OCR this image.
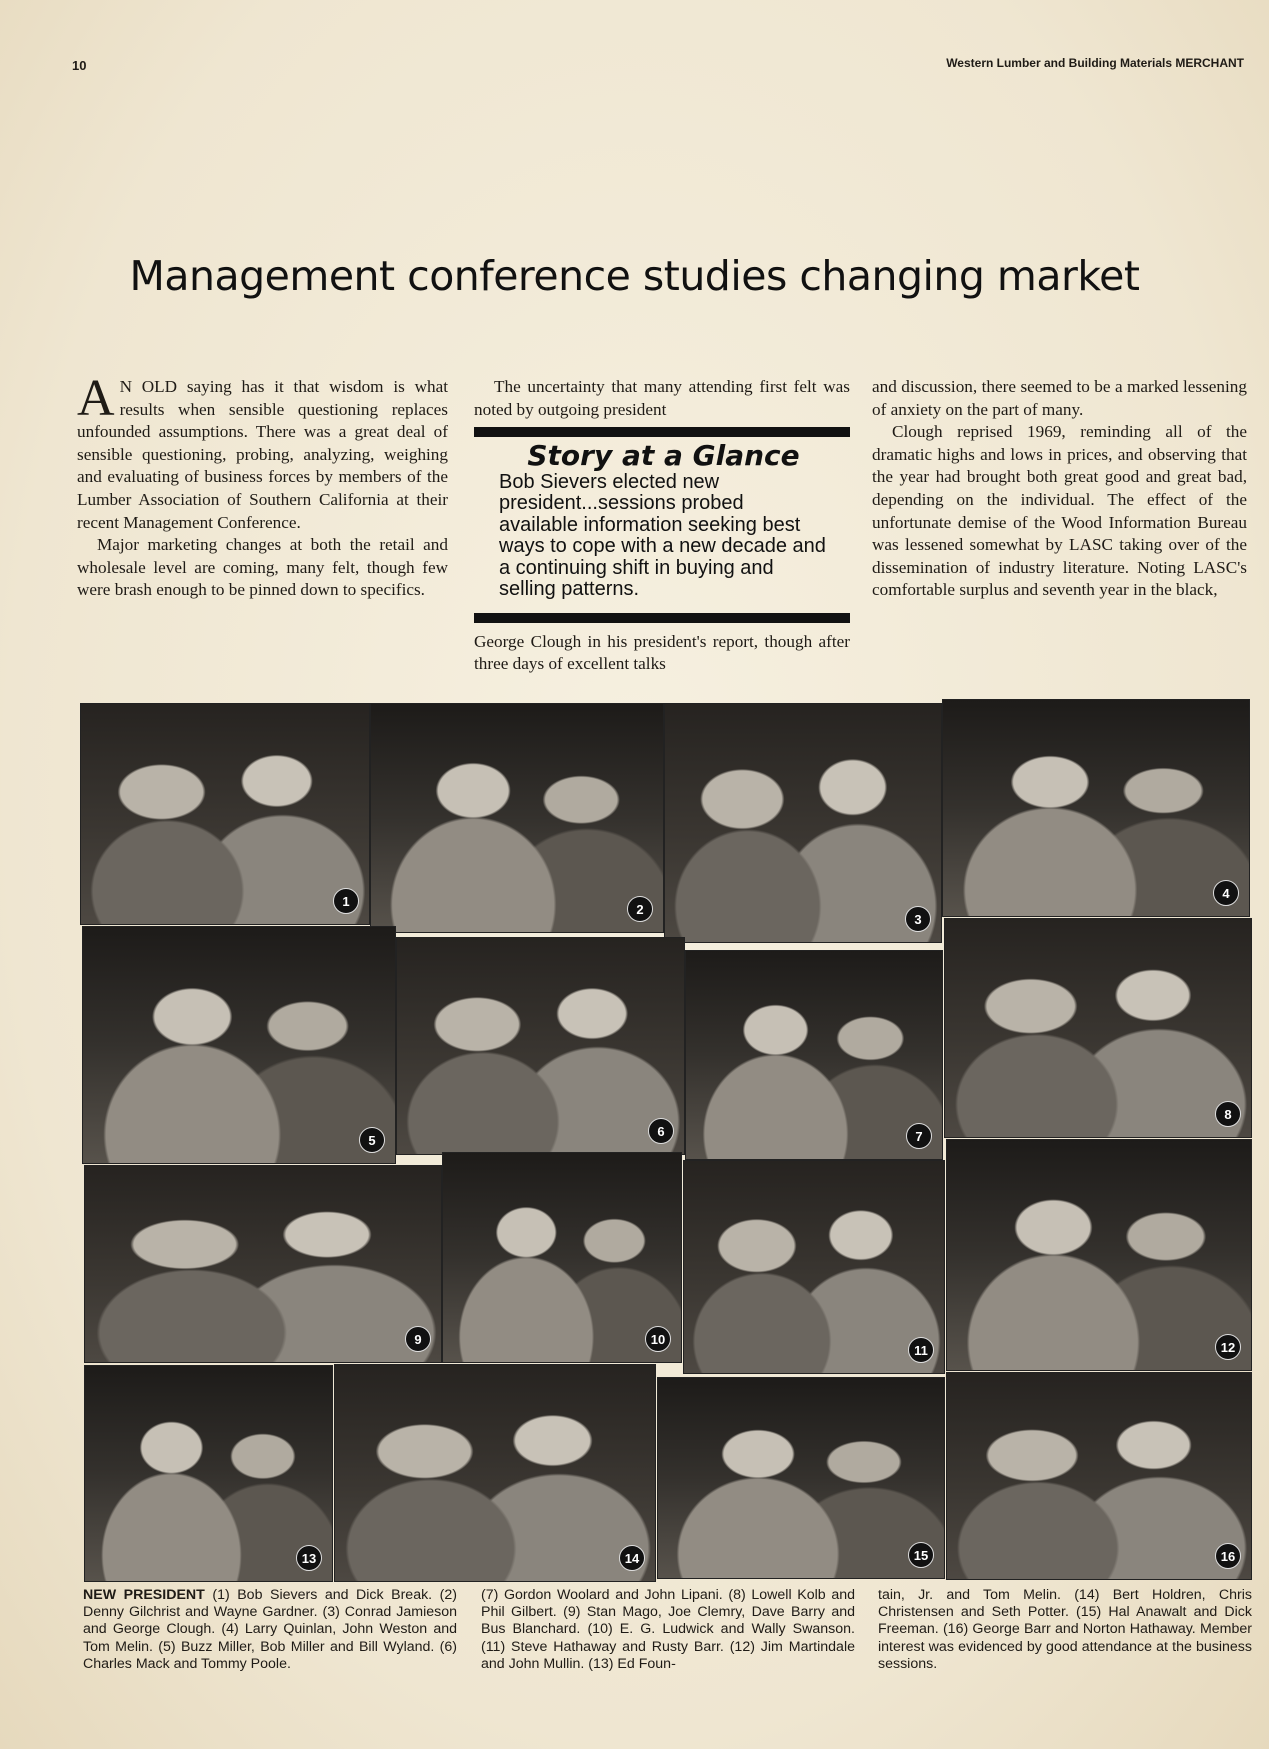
10	Western Lumber and Building Materials MERCHANT
Management conference studies changing market

A N OLD saying has it that wisdom is what results when sensible questioning replaces unfounded assumptions. There was a great deal of sensible questioning, probing, analyzing, weighing and evaluating of business forces by members of the Lumber Association of Southern California at their recent Management Conference.

Major marketing changes at both the retail and wholesale level are coming, many felt, though few were brash enough to be pinned down to specifics.

The uncertainty that many attending first felt was noted by outgoing president

Story at a Glance
Bob Sievers elected new president...sessions probed available information seeking best ways to cope with a new decade and a continuing shift in buying and selling patterns.

George Clough in his president's report, though after three days of excellent talks

and discussion, there seemed to be a marked lessening of anxiety on the part of many.

Clough reprised 1969, reminding all of the dramatic highs and lows in prices, and observing that the year had brought both great good and great bad, depending on the individual. The effect of the unfortunate demise of the Wood Information Bureau was lessened somewhat by LASC taking over of the dissemination of industry literature. Noting LASC's comfortable surplus and seventh year in the black,

1
2
3
4
5
6	7
8
9	10
11	12
13	14	15	16
NEW PRESIDENT (1) Bob Sievers and Dick Break. (2) Denny Gilchrist and Wayne Gardner. (3) Conrad Jamieson and George Clough. (4) Larry Quinlan, John Weston and Tom Melin. (5) Buzz Miller, Bob Miller and Bill Wyland. (6) Charles Mack and Tommy Poole.
(7) Gordon Woolard and John Lipani. (8) Lowell Kolb and Phil Gilbert. (9) Stan Mago, Joe Clemry, Dave Barry and Bus Blanchard. (10) E. G. Ludwick and Wally Swanson. (11) Steve Hathaway and Rusty Barr. (12) Jim Martindale and John Mullin. (13) Ed Foun-
tain, Jr. and Tom Melin. (14) Bert Holdren, Chris Christensen and Seth Potter. (15) Hal Anawalt and Dick Freeman. (16) George Barr and Norton Hathaway. Member interest was evidenced by good attendance at the business sessions.
